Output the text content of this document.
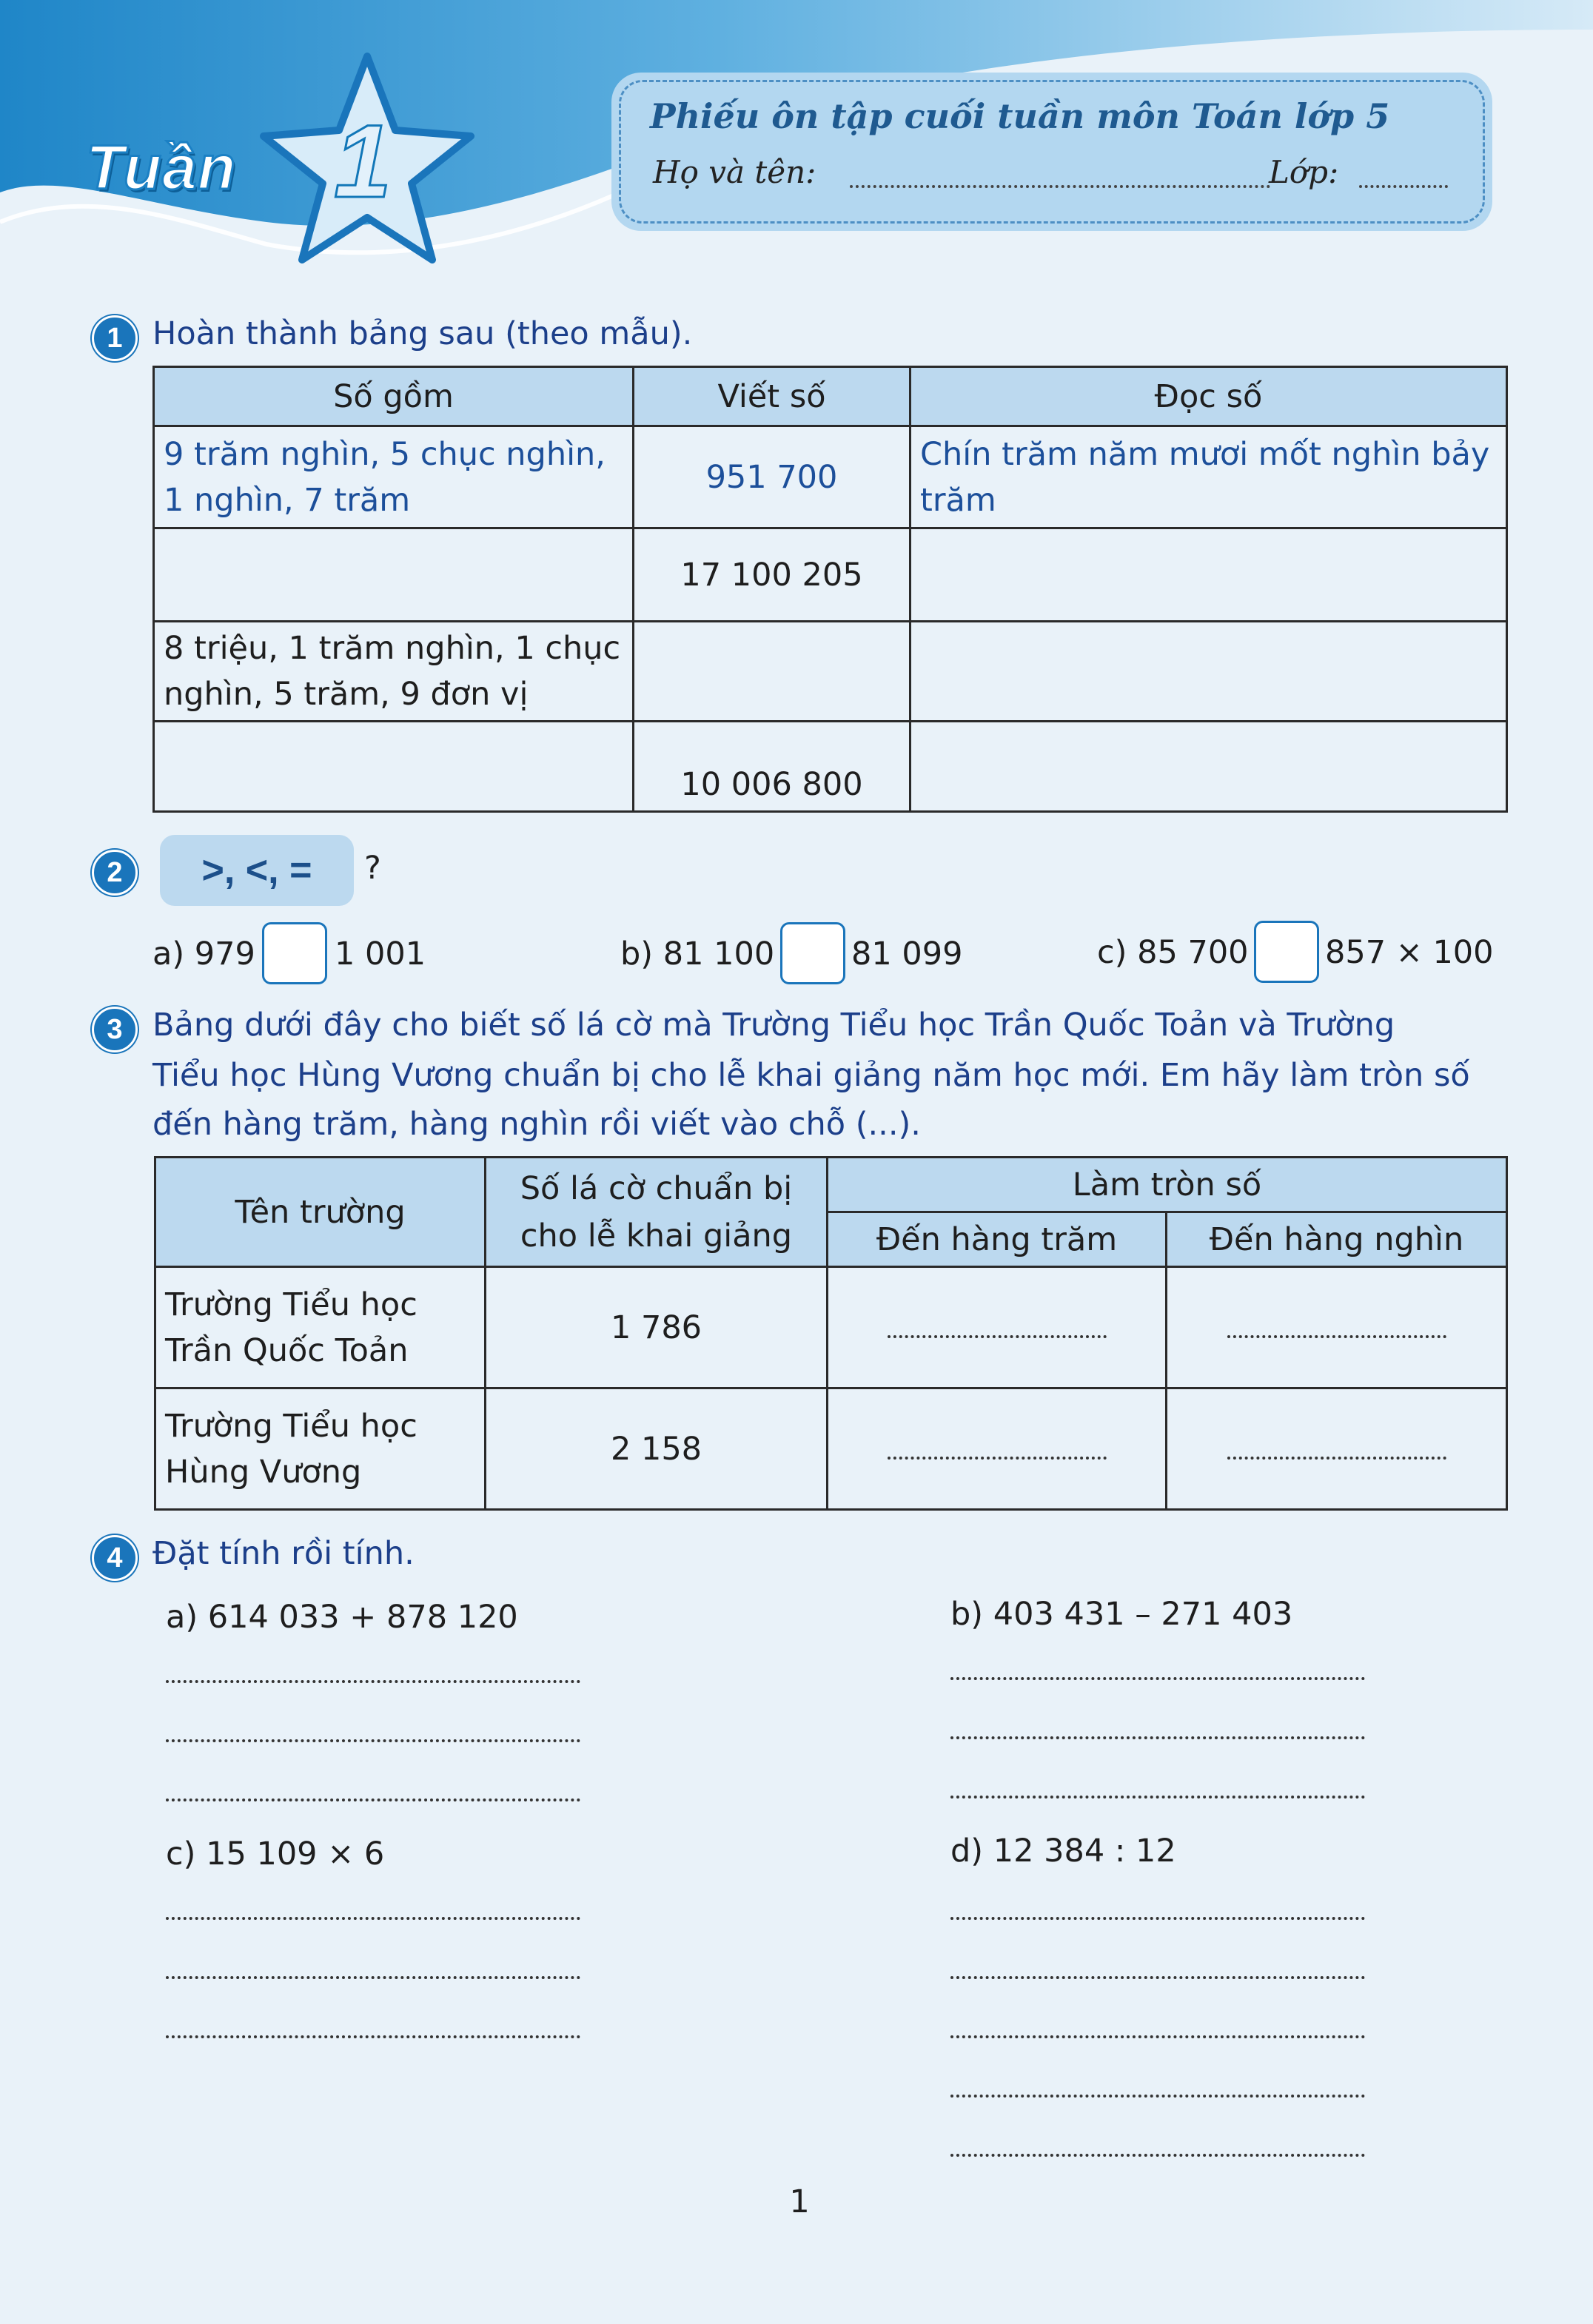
Tuần 1	Phiếu ôn tập cuối tuần môn Toán lớp 5
Họ và tên:	Lớp:
1 Hoàn thành bảng sau (theo mẫu).
Số gồm	Viết số	Đọc số
9 trăm nghìn, 5 chục nghìn, 1 nghìn, 7 trăm	951 700	Chín trăm năm mươi mốt nghìn bảy trăm
	17 100 205	
8 triệu, 1 trăm nghìn, 1 chục nghìn, 5 trăm, 9 đơn vị		
	10 006 800	
2	>, <, =	?
a) 979 1 001	b) 81 100 81 099	c) 85 700 857 × 100
3 Bảng dưới đây cho biết số lá cờ mà Trường Tiểu học Trần Quốc Toản và Trường
Tiểu học Hùng Vương chuẩn bị cho lễ khai giảng năm học mới. Em hãy làm tròn số
đến hàng trăm, hàng nghìn rồi viết vào chỗ (...).
Tên trường	Số lá cờ chuẩn bị cho lễ khai giảng	Làm tròn số	
		Đến hàng trăm	Đến hàng nghìn
Trường Tiểu học Trần Quốc Toản	1 786		
Trường Tiểu học Hùng Vương	2 158		
4 Đặt tính rồi tính.
a) 614 033 + 878 120	b) 403 431 – 271 403
c) 15 109 × 6	d) 12 384 : 12
1
